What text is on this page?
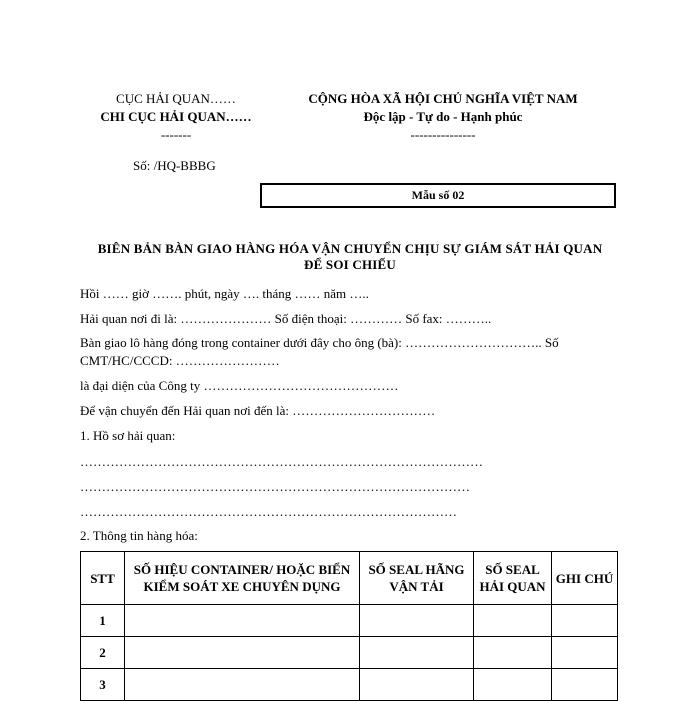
CỤC HẢI QUAN……
CHI CỤC HẢI QUAN……
-------
CỘNG HÒA XÃ HỘI CHỦ NGHĨA VIỆT NAM
Độc lập - Tự do - Hạnh phúc
---------------
Số: /HQ-BBBG
Mẫu số 02
BIÊN BẢN BÀN GIAO HÀNG HÓA VẬN CHUYỂN CHỊU SỰ GIÁM SÁT HẢI QUAN
ĐỂ SOI CHIẾU
Hồi …… giờ ……. phút, ngày …. tháng …… năm …..
Hải quan nơi đi là: ………………… Số điện thoại: ………… Số fax: ………..
Bàn giao lô hàng đóng trong container dưới đây cho ông (bà): ………………………….. Số
CMT/HC/CCCD: ……………………
là đại diện của Công ty ………………………………………
Để vận chuyển đến Hải quan nơi đến là: ……………………………
1. Hồ sơ hải quan:
…………………………………………………………………………………
………………………………………………………………………………
……………………………………………………………………………
2. Thông tin hàng hóa:
STT	SỐ HIỆU CONTAINER/ HOẶC BIỂN KIỂM SOÁT XE CHUYÊN DỤNG	SỐ SEAL HÃNG VẬN TẢI	SỐ SEAL HẢI QUAN	GHI CHÚ
1				
2				
3				
